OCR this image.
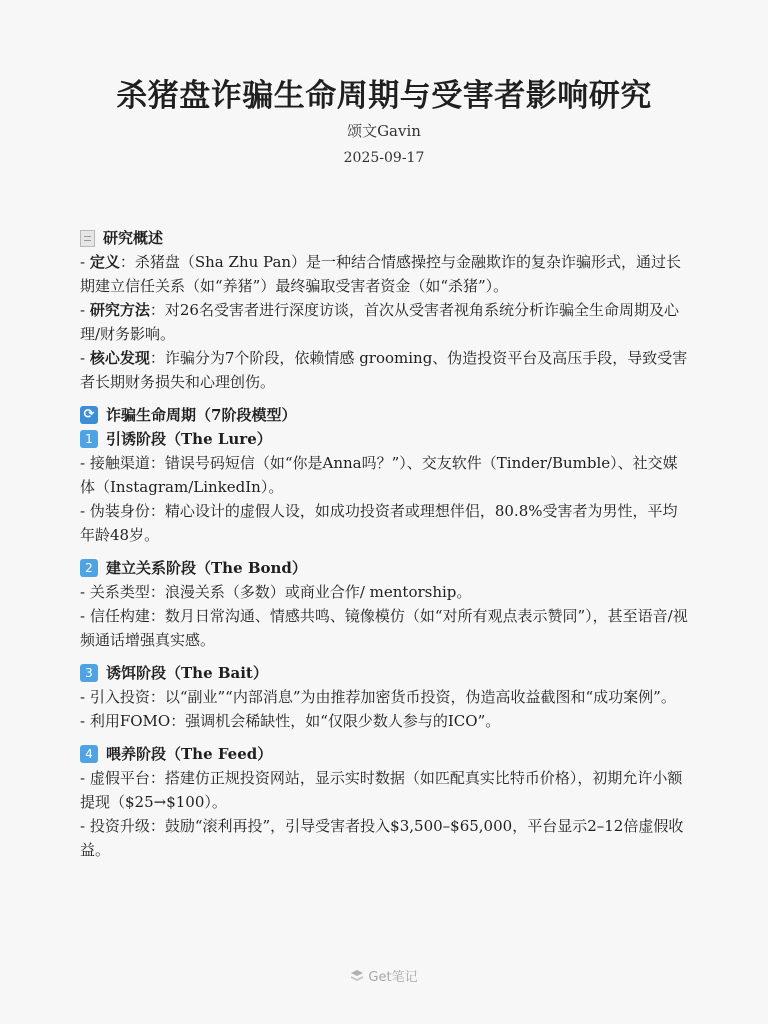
杀猪盘诈骗生命周期与受害者影响研究
颂文Gavin
2025-09-17
研究概述

- 定义：杀猪盘（Sha Zhu Pan）是一种结合情感操控与金融欺诈的复杂诈骗形式，通过长期建立信任关系（如“养猪”）最终骗取受害者资金（如“杀猪”）。

- 研究方法：对26名受害者进行深度访谈，首次从受害者视角系统分析诈骗全生命周期及心理/财务影响。

- 核心发现：诈骗分为7个阶段，依赖情感 grooming、伪造投资平台及高压手段，导致受害者长期财务损失和心理创伤。

⟳ 诈骗生命周期（7阶段模型）
1 引诱阶段（The Lure）

- 接触渠道：错误号码短信（如“你是Anna吗？”）、交友软件（Tinder/Bumble）、社交媒体（Instagram/LinkedIn）。

- 伪装身份：精心设计的虚假人设，如成功投资者或理想伴侣，80.8%受害者为男性，平均年龄48岁。

2 建立关系阶段（The Bond）

- 关系类型：浪漫关系（多数）或商业合作/ mentorship。

- 信任构建：数月日常沟通、情感共鸣、镜像模仿（如“对所有观点表示赞同”），甚至语音/视频通话增强真实感。

3 诱饵阶段（The Bait）

- 引入投资：以“副业”“内部消息”为由推荐加密货币投资，伪造高收益截图和“成功案例”。

- 利用FOMO：强调机会稀缺性，如“仅限少数人参与的ICO”。

4 喂养阶段（The Feed）

- 虚假平台：搭建仿正规投资网站，显示实时数据（如匹配真实比特币价格），初期允许小额提现（$25→$100）。

- 投资升级：鼓励“滚利再投”，引导受害者投入$3,500–$65,000，平台显示2–12倍虚假收益。

Get笔记
